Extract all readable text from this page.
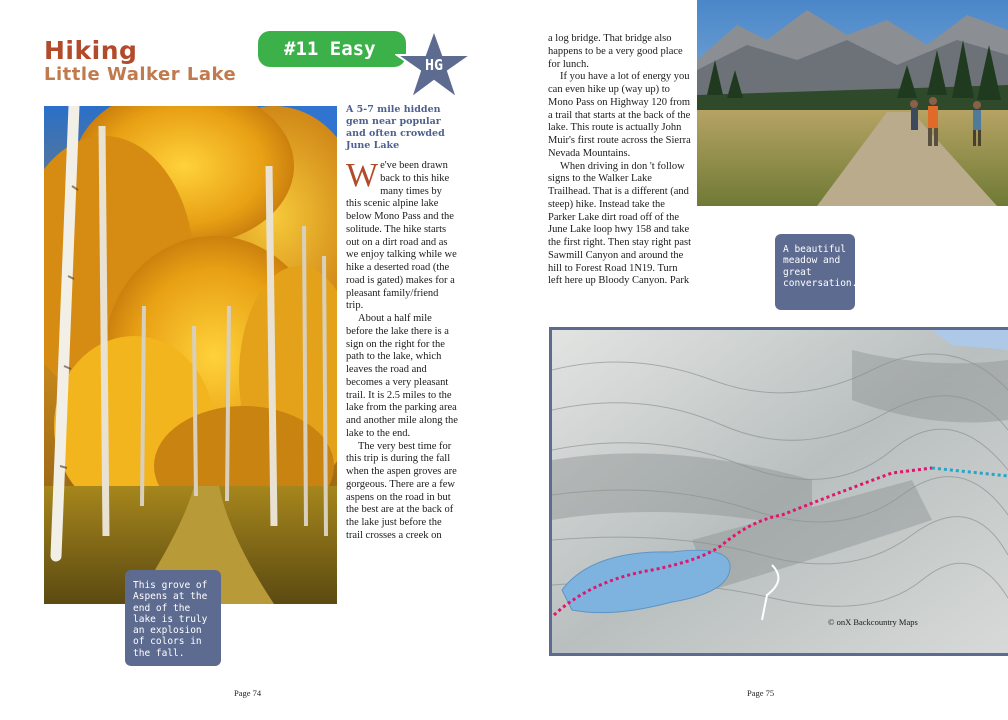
Hiking
Little Walker Lake
#11 Easy
HG
This grove of Aspens at the end of the lake is truly an explosion of colors in the fall.
A 5-7 mile hidden gem near popular and often crowded June Lake

We've been drawn back to this hike many times by this scenic alpine lake below Mono Pass and the solitude. The hike starts out on a dirt road and as we enjoy talking while we hike a deserted road (the road is gated) makes for a pleasant family/friend trip.

About a half mile before the lake there is a sign on the right for the path to the lake, which leaves the road and becomes a very pleasant trail. It is 2.5 miles to the lake from the parking area and another mile along the lake to the end.

The very best time for this trip is during the fall when the aspen groves are gorgeous. There are a few aspens on the road in but the best are at the back of the lake just before the trail crosses a creek on

a log bridge. That bridge also happens to be a very good place for lunch.

If you have a lot of energy you can even hike up (way up) to Mono Pass on Highway 120 from a trail that starts at the back of the lake. This route is actually John Muir's first route across the Sierra Nevada Mountains.

When driving in don 't follow signs to the Walker Lake Trailhead. That is a different (and steep) hike. Instead take the Parker Lake dirt road off of the June Lake loop hwy 158 and take the first right. Then stay right past Sawmill Canyon and around the hill to Forest Road 1N19. Turn left here up Bloody Canyon. Park

A beautiful meadow and great conversation.
© onX Backcountry Maps
Page 74	Page 75
